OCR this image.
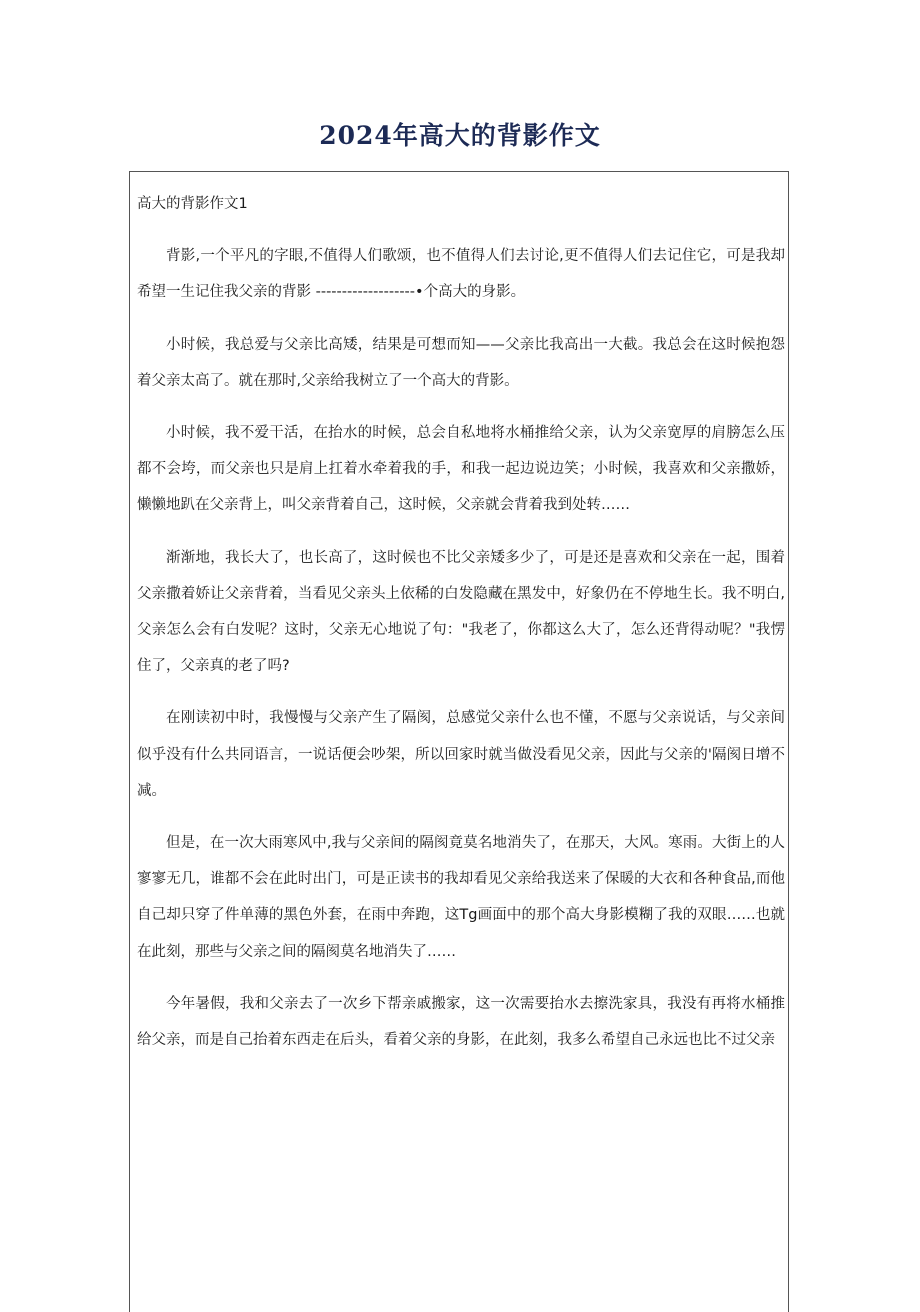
2024年高大的背影作文

高大的背影作文1

背影,一个平凡的字眼,不值得人们歌颂，也不值得人们去讨论,更不值得人们去记住它，可是我却希望一生记住我父亲的背影 -------------------•个高大的身影。

小时候，我总爱与父亲比高矮，结果是可想而知——父亲比我高出一大截。我总会在这时候抱怨着父亲太高了。就在那时,父亲给我树立了一个高大的背影。

小时候，我不爱干活，在抬水的时候，总会自私地将水桶推给父亲，认为父亲宽厚的肩膀怎么压都不会垮，而父亲也只是肩上扛着水牵着我的手，和我一起边说边笑；小时候，我喜欢和父亲撒娇，懒懒地趴在父亲背上，叫父亲背着自己，这时候，父亲就会背着我到处转……

渐渐地，我长大了，也长高了，这时候也不比父亲矮多少了，可是还是喜欢和父亲在一起，围着父亲撒着娇让父亲背着，当看见父亲头上依稀的白发隐藏在黑发中，好象仍在不停地生长。我不明白,父亲怎么会有白发呢？这时，父亲无心地说了句："我老了，你都这么大了，怎么还背得动呢？"我愣住了，父亲真的老了吗?

在刚读初中时，我慢慢与父亲产生了隔阂，总感觉父亲什么也不懂，不愿与父亲说话，与父亲间似乎没有什么共同语言，一说话便会吵架，所以回家时就当做没看见父亲，因此与父亲的'隔阂日增不减。

但是，在一次大雨寒风中,我与父亲间的隔阂竟莫名地消失了，在那天，大风。寒雨。大街上的人寥寥无几，谁都不会在此时出门，可是正读书的我却看见父亲给我送来了保暖的大衣和各种食品,而他自己却只穿了件单薄的黑色外套，在雨中奔跑，这Tg画面中的那个高大身影模糊了我的双眼……也就在此刻，那些与父亲之间的隔阂莫名地消失了……

今年暑假，我和父亲去了一次乡下帮亲戚搬家，这一次需要抬水去擦洗家具，我没有再将水桶推给父亲，而是自己抬着东西走在后头，看着父亲的身影，在此刻，我多么希望自己永远也比不过父亲
